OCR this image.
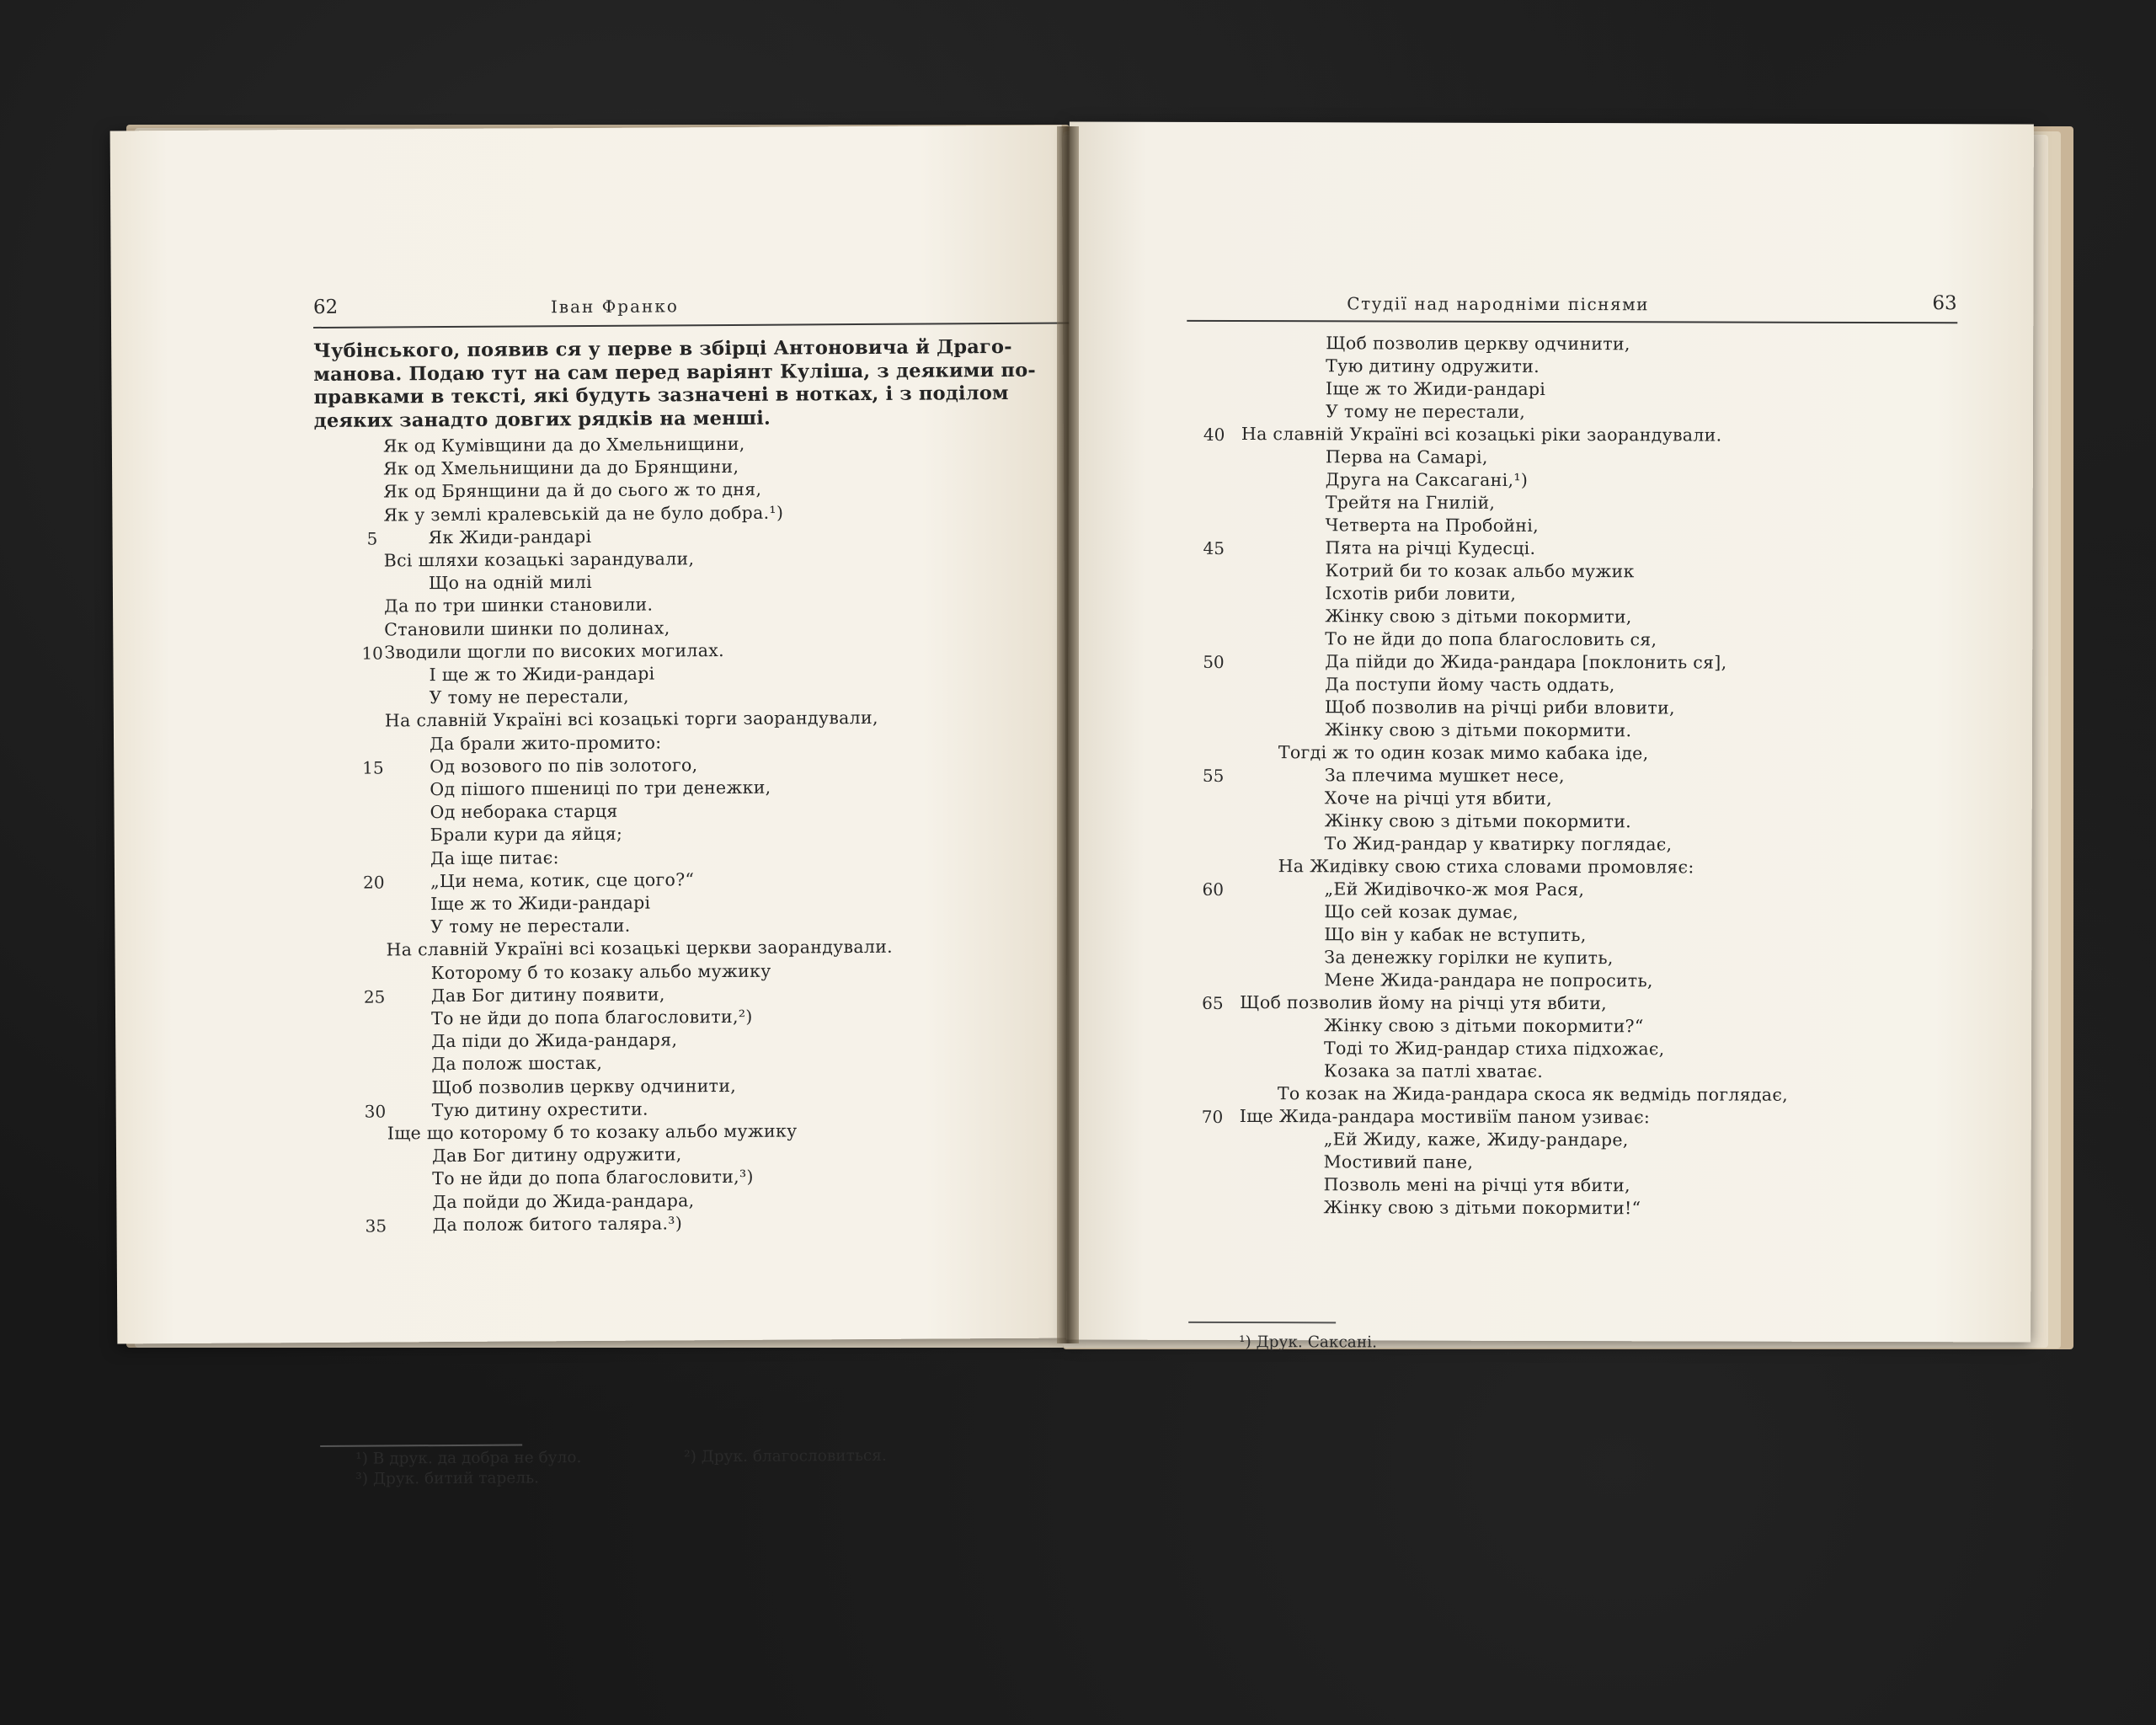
62	Іван Франко
Чубінського, появив ся у перве в збірці Антоновича й Драго-
манова. Подаю тут на сам перед варіянт Куліша, з деякими по-
правками в тексті, які будуть зазначені в нотках, і з поділом
деяких занадто довгих рядків на менші.
Як од Кумівщини да до Хмельнищини,
Як од Хмельнищини да до Брянщини,
Як од Брянщини да й до сього ж то дня,
Як у землі кралевській да не було добра.¹)
5	Як Жиди-рандарі
Всі шляхи козацькі зарандували,
Що на одній милі
Да по три шинки становили.
Становили шинки по долинах,
10 Зводили щогли по високих могилах.
І ще ж то Жиди-рандарі
У тому не перестали,
На славній Україні всі козацькі торги заорандували,
Да брали жито-промито:
15	Од возового по пів золотого,
Од пішого пшениці по три денежки,
Од неборака старця
Брали кури да яйця;
Да іще питає:
20	„Ци нема, котик, сце цого?“
Іще ж то Жиди-рандарі
У тому не перестали.
На славній Україні всі козацькі церкви заорандували.
Которому б то козаку альбо мужику
25	Дав Бог дитину появити,
То не йди до попа благословити,²)
Да піди до Жида-рандаря,
Да полож шостак,
Щоб позволив церкву одчинити,
30	Тую дитину охрестити.
Іще що которому б то козаку альбо мужику
Дав Бог дитину одружити,
То не йди до попа благословити,³)
Да пойди до Жида-рандара,
35	Да полож битого таляра.³)
¹) В друк. да добра не було.	²) Друк. благословиться.
³) Друк. битий тарель.
Студії над народніми піснями	63
Щоб позволив церкву одчинити,
Тую дитину одружити.
Іще ж то Жиди-рандарі
У тому не перестали,
40 На славній Україні всі козацькі ріки заорандували.
Перва на Самарі,
Друга на Саксагані,¹)
Трейтя на Гнилій,
Четверта на Пробойні,
45	Пята на річці Кудесці.
Котрий би то козак альбо мужик
Ісхотів риби ловити,
Жінку свою з дітьми покормити,
То не йди до попа благословить ся,
50	Да пійди до Жида-рандара [поклонить ся],
Да поступи йому часть оддать,
Щоб позволив на річці риби вловити,
Жінку свою з дітьми покормити.
Тогді ж то один козак мимо кабака іде,
55	За плечима мушкет несе,
Хоче на річці утя вбити,
Жінку свою з дітьми покормити.
То Жид-рандар у кватирку поглядає,
На Жидівку свою стиха словами промовляє:
60	„Ей Жидівочко-ж моя Рася,
Що сей козак думає,
Що він у кабак не вступить,
За денежку горілки не купить,
Мене Жида-рандара не попросить,
65 Щоб позволив йому на річці утя вбити,
Жінку свою з дітьми покормити?“
Тоді то Жид-рандар стиха підхожає,
Козака за патлі хватає.
То козак на Жида-рандара скоса як ведмідь поглядає,
70 Іще Жида-рандара мостивіїм паном узиває:
„Ей Жиду, каже, Жиду-рандаре,
Мостивий пане,
Позволь мені на річці утя вбити,
Жінку свою з дітьми покормити!“
¹) Друк. Саксані.
